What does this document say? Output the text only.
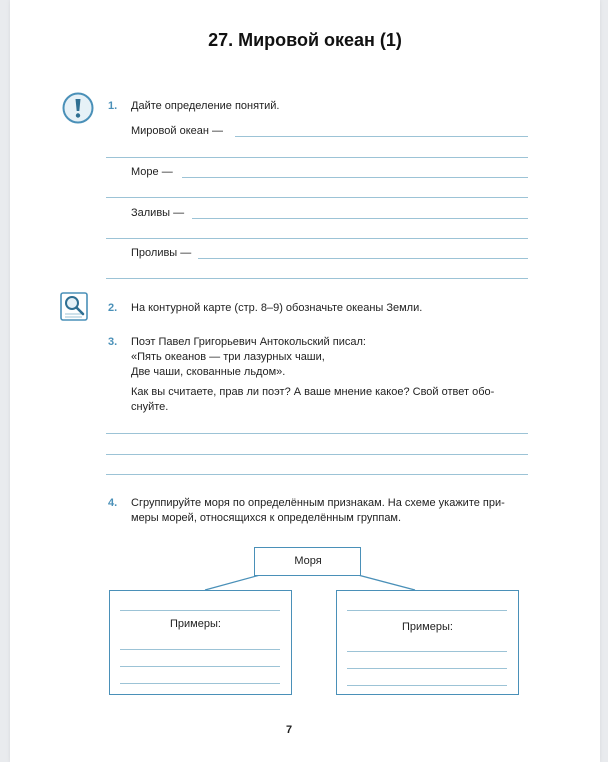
27. Мировой океан (1)
1. Дайте определение понятий.
Мировой океан —
Море —
Заливы —
Проливы —
2. На контурной карте (стр. 8–9) обозначьте океаны Земли.
3. Поэт Павел Григорьевич Антокольский писал:
«Пять океанов — три лазурных чаши,
Две чаши, скованные льдом».
Как вы считаете, прав ли поэт? А ваше мнение какое? Свой ответ обо-
снуйте.
4. Сгруппируйте моря по определённым признакам. На схеме укажите при-
меры морей, относящихся к определённым группам.
Моря
Примеры:	Примеры:
7
